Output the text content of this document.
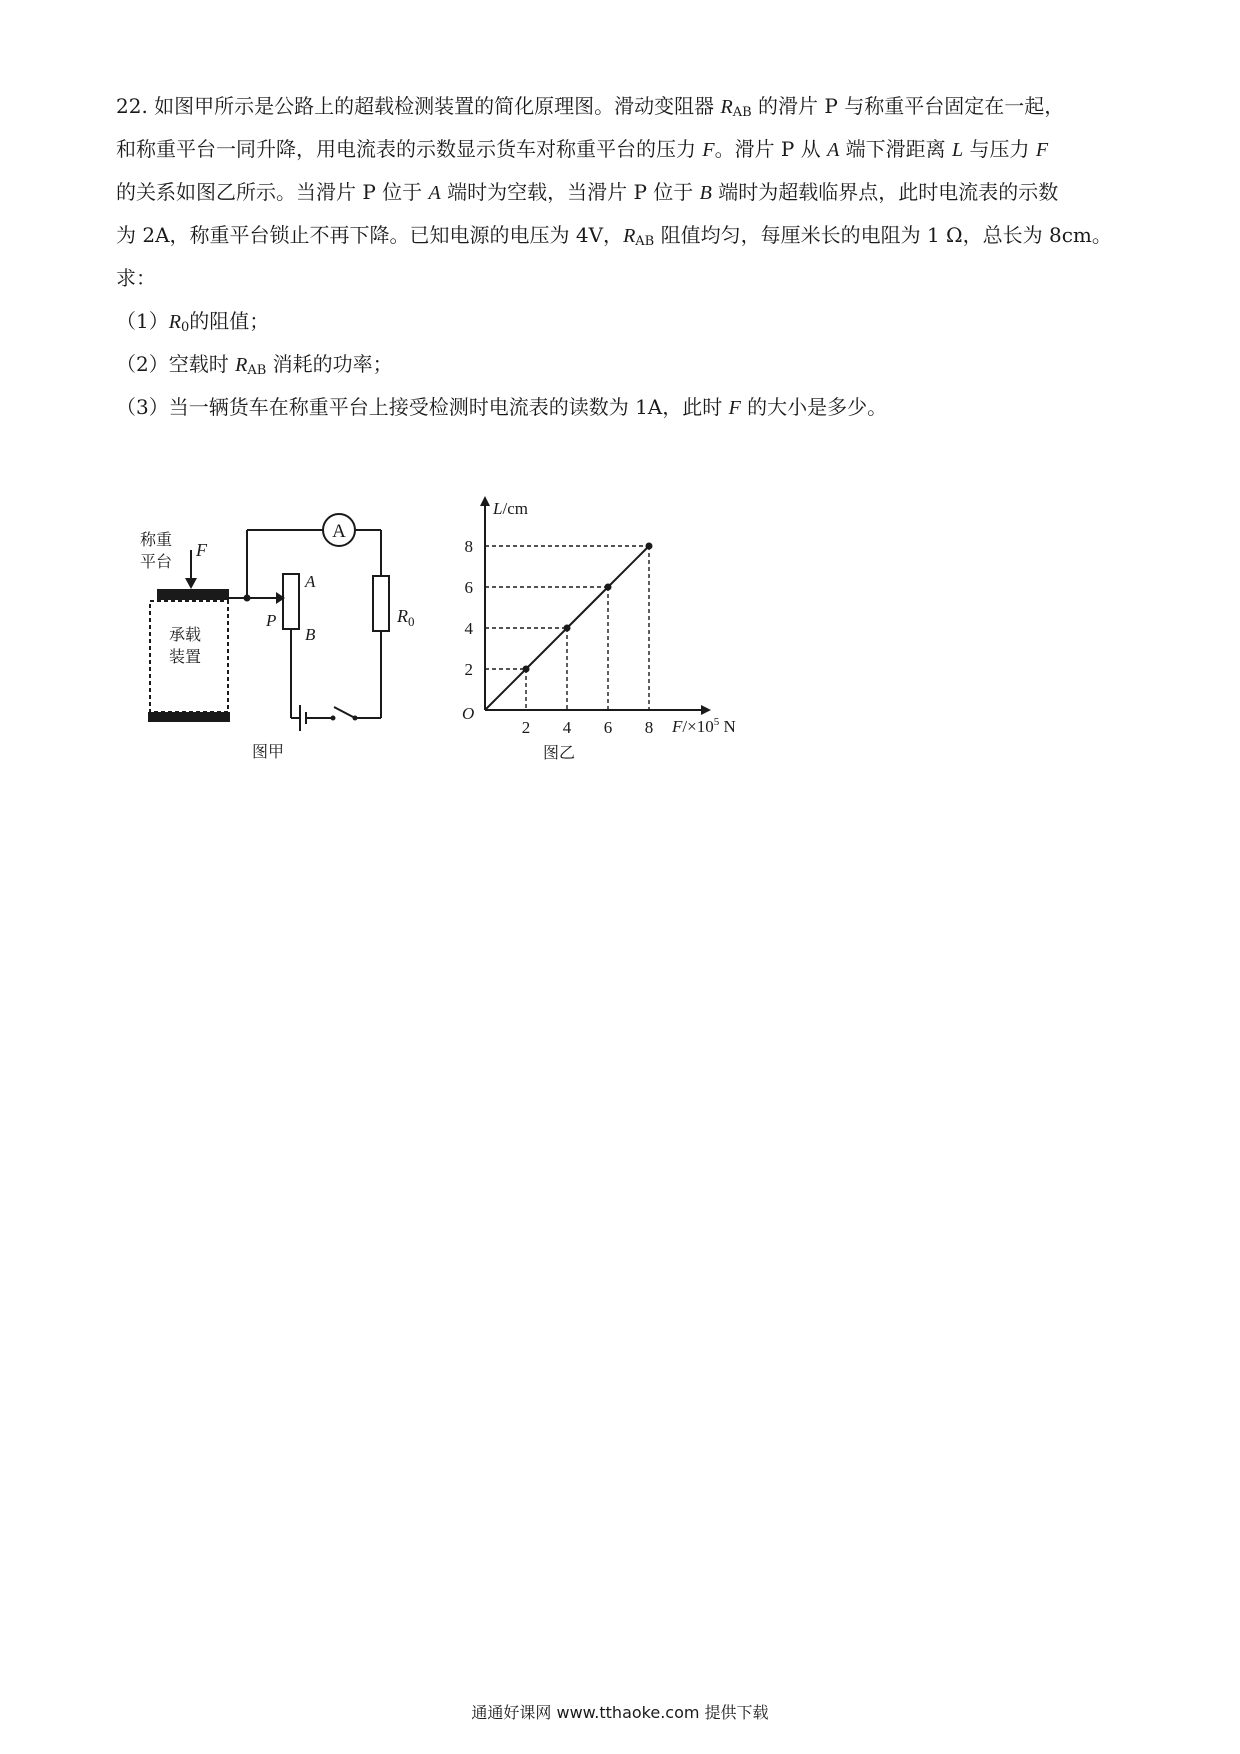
22. 如图甲所示是公路上的超载检测装置的简化原理图。滑动变阻器 $R_{AB}$ 的滑片 P 与称重平台固定在一起，
和称重平台一同升降，用电流表的示数显示货车对称重平台的压力 F。滑片 P 从 A 端下滑距离 L 与压力 F
的关系如图乙所示。当滑片 P 位于 A 端时为空载，当滑片 P 位于 B 端时为超载临界点，此时电流表的示数
为 2A，称重平台锁止不再下降。已知电源的电压为 4V，$R_{AB}$ 阻值均匀，每厘米长的电阻为 1 Ω，总长为 8cm。
求：
$(1)R_0$的阻值；
（2）空载时 $R_{AB}$ 消耗的功率；
（3）当一辆货车在称重平台上接受检测时电流表的读数为 1A，此时 F 的大小是多少。
称重
平台
F
承载
装置
A
$R_0$
A
B
P
图甲
2 4 6 8
2
4
6
8
O
L/cm
$F/\times 10^5$ N
图乙
通通好课网 www.tthaoke.com 提供下载
